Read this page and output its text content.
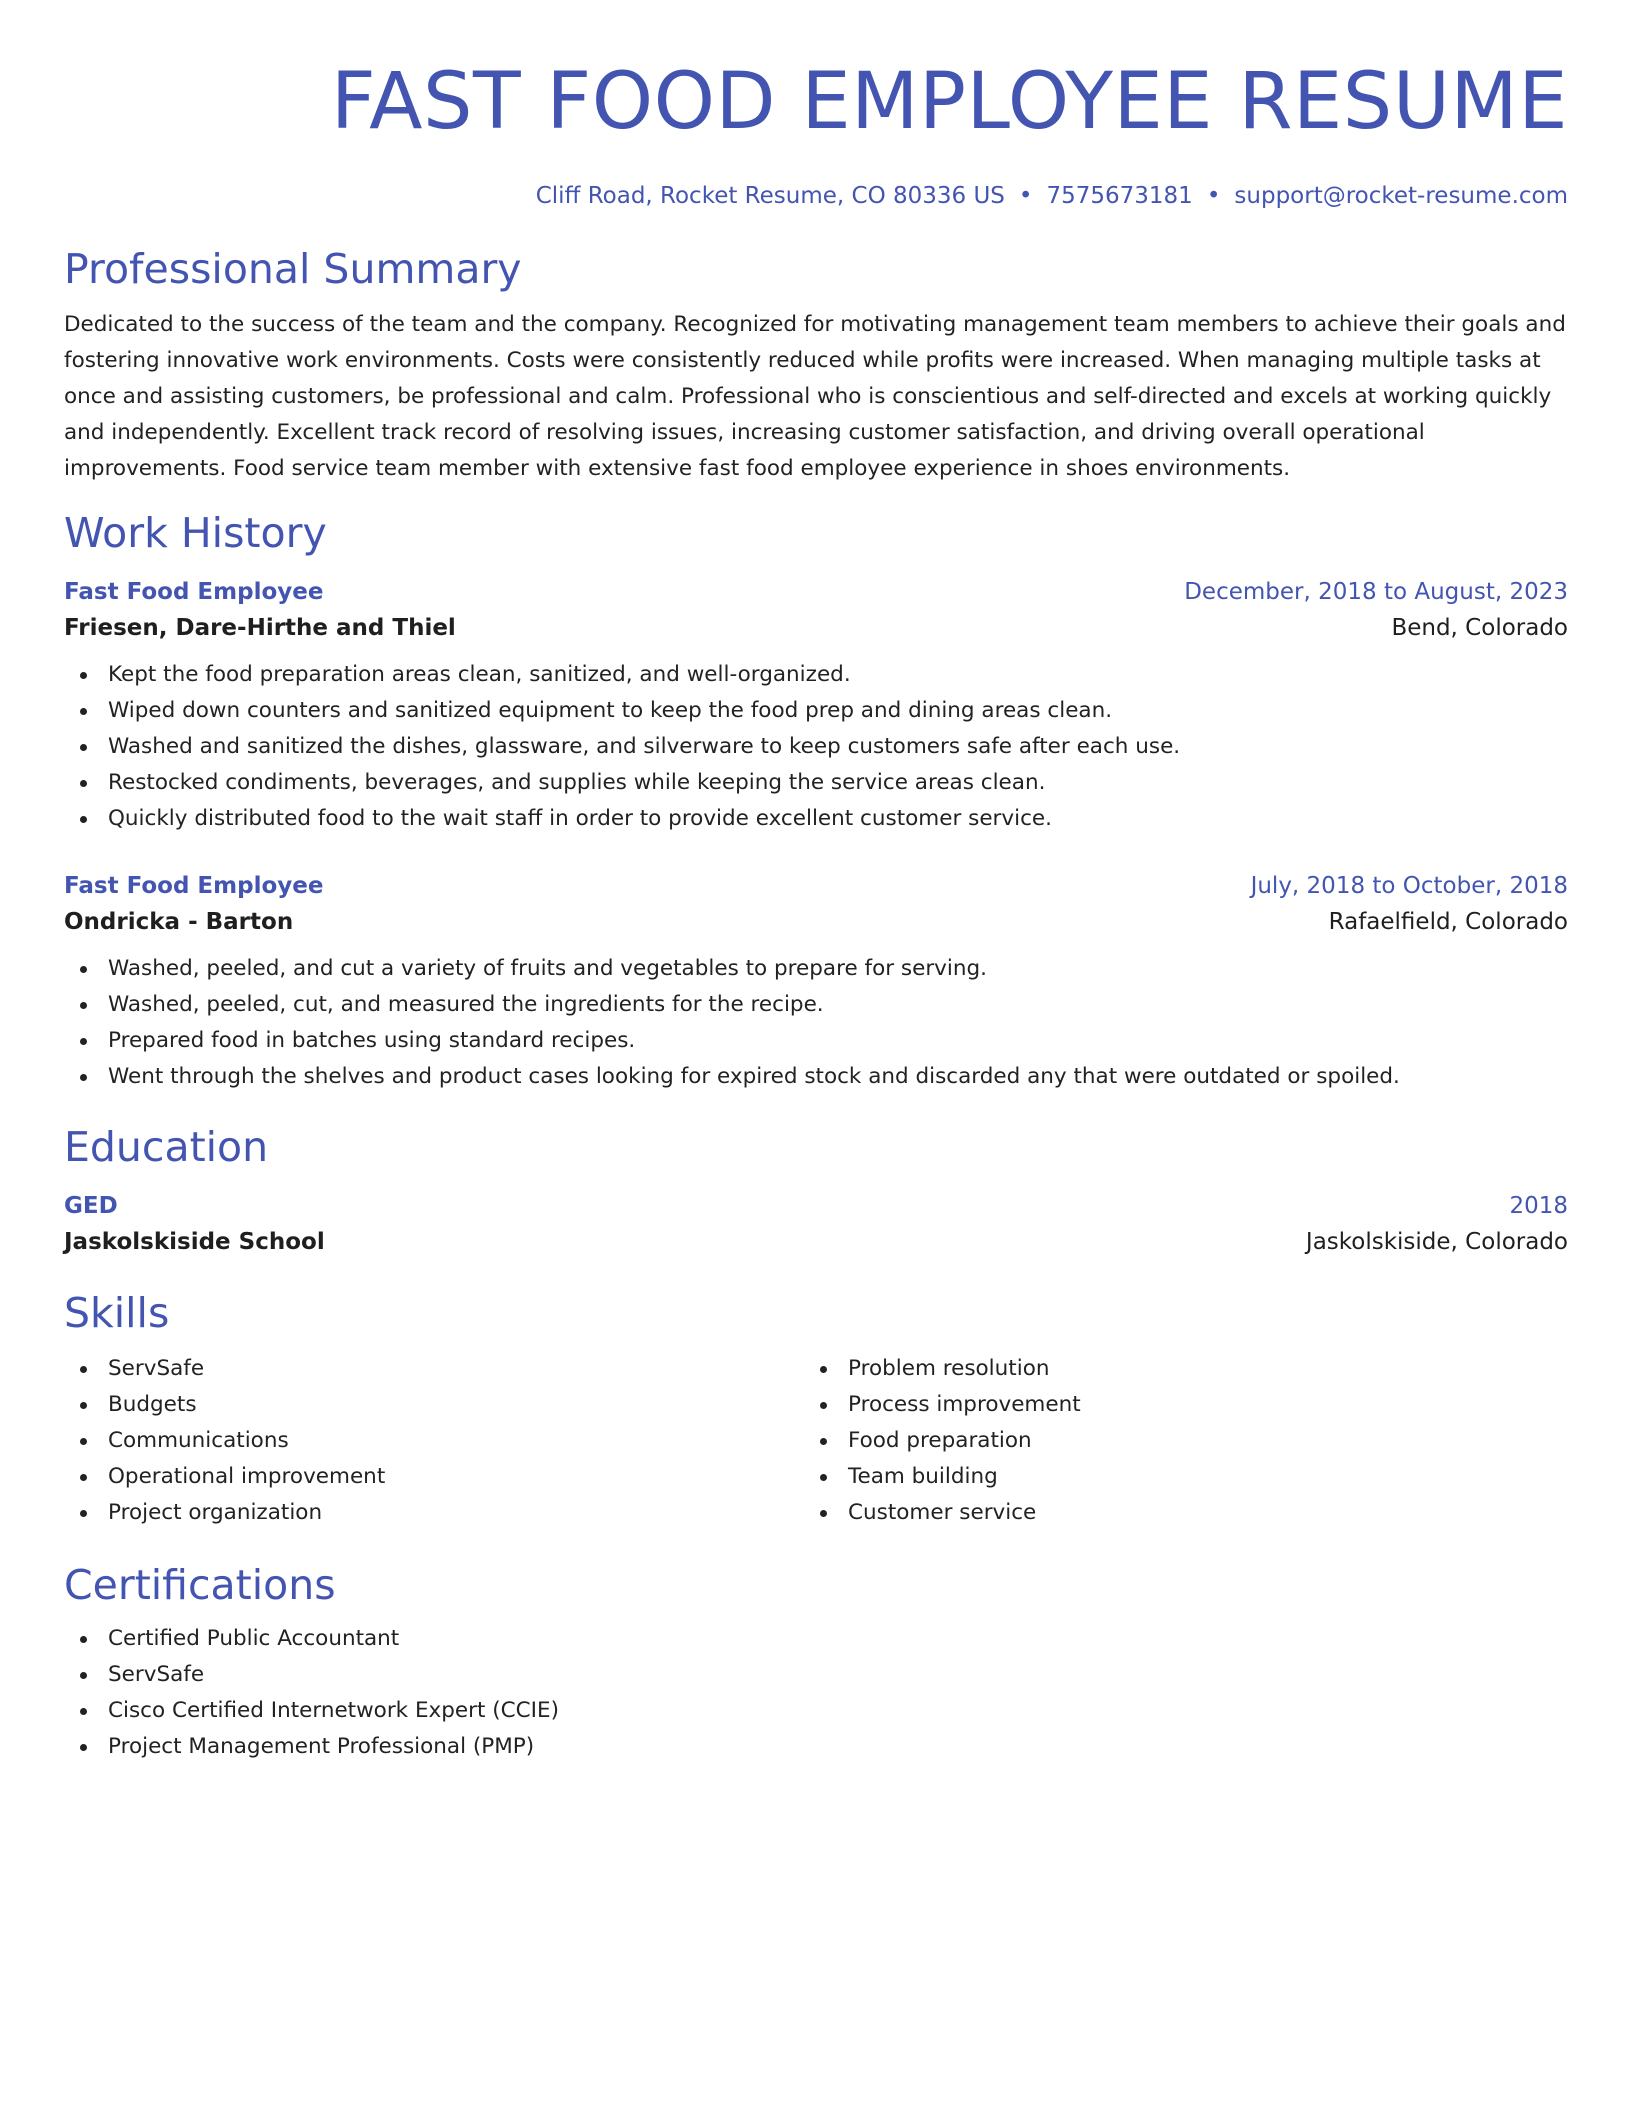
FAST FOOD EMPLOYEE RESUME
Cliff Road, Rocket Resume, CO 80336 US • 7575673181 • support@rocket-resume.com
Professional Summary
Dedicated to the success of the team and the company. Recognized for motivating management team members to achieve their goals and fostering innovative work environments. Costs were consistently reduced while profits were increased. When managing multiple tasks at once and assisting customers, be professional and calm. Professional who is conscientious and self-directed and excels at working quickly and independently. Excellent track record of resolving issues, increasing customer satisfaction, and driving overall operational improvements. Food service team member with extensive fast food employee experience in shoes environments.
Work History
Fast Food Employee	December, 2018 to August, 2023
Friesen, Dare-Hirthe and Thiel	Bend, Colorado
Kept the food preparation areas clean, sanitized, and well-organized.
Wiped down counters and sanitized equipment to keep the food prep and dining areas clean.
Washed and sanitized the dishes, glassware, and silverware to keep customers safe after each use.
Restocked condiments, beverages, and supplies while keeping the service areas clean.
Quickly distributed food to the wait staff in order to provide excellent customer service.
Fast Food Employee	July, 2018 to October, 2018
Ondricka - Barton	Rafaelfield, Colorado
Washed, peeled, and cut a variety of fruits and vegetables to prepare for serving.
Washed, peeled, cut, and measured the ingredients for the recipe.
Prepared food in batches using standard recipes.
Went through the shelves and product cases looking for expired stock and discarded any that were outdated or spoiled.
Education
GED	2018
Jaskolskiside School	Jaskolskiside, Colorado
Skills
ServSafe
Budgets
Communications
Operational improvement
Project organization
Problem resolution
Process improvement
Food preparation
Team building
Customer service
Certifications
Certified Public Accountant
ServSafe
Cisco Certified Internetwork Expert (CCIE)
Project Management Professional (PMP)
